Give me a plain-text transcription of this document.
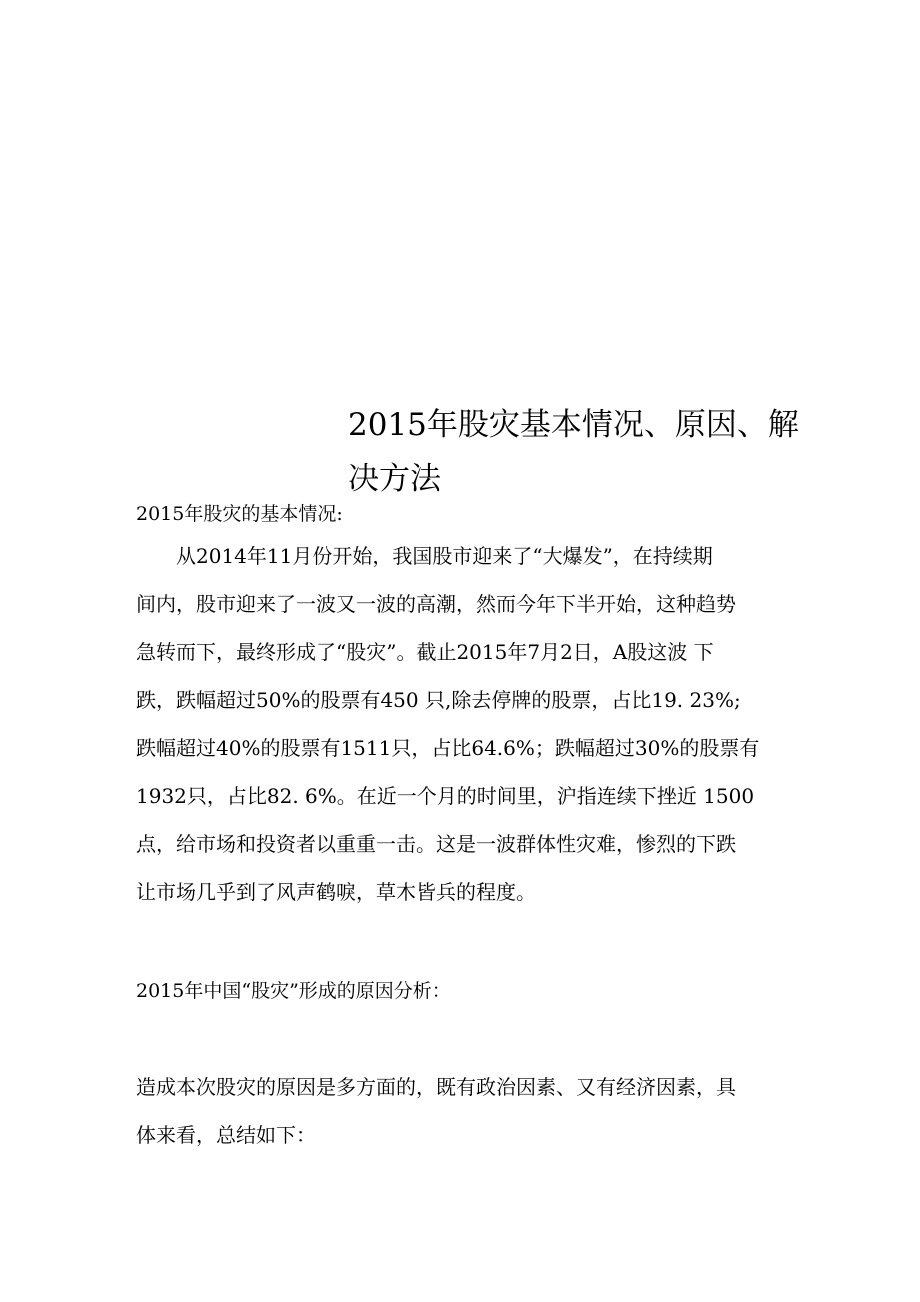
2015年股灾基本情况、原因、解
决方法

2015年股灾的基本情况:

从2014年11月份开始，我国股市迎来了“大爆发”，在持续期
间内，股市迎来了一波又一波的高潮，然而今年下半开始，这种趋势
急转而下，最终形成了“股灾”。截止2015年7月2日，A股这波 下
跌，跌幅超过50%的股票有450 只,除去停牌的股票，占比19. 23%;
跌幅超过40%的股票有1511只，占比64.6%；跌幅超过30%的股票有
1932只，占比82. 6%。在近一个月的时间里，沪指连续下挫近 1500
点，给市场和投资者以重重一击。这是一波群体性灾难，惨烈的下跌
让市场几乎到了风声鹤唳，草木皆兵的程度。

2015年中国“股灾”形成的原因分析：

造成本次股灾的原因是多方面的，既有政治因素、又有经济因素，具
体来看，总结如下：
